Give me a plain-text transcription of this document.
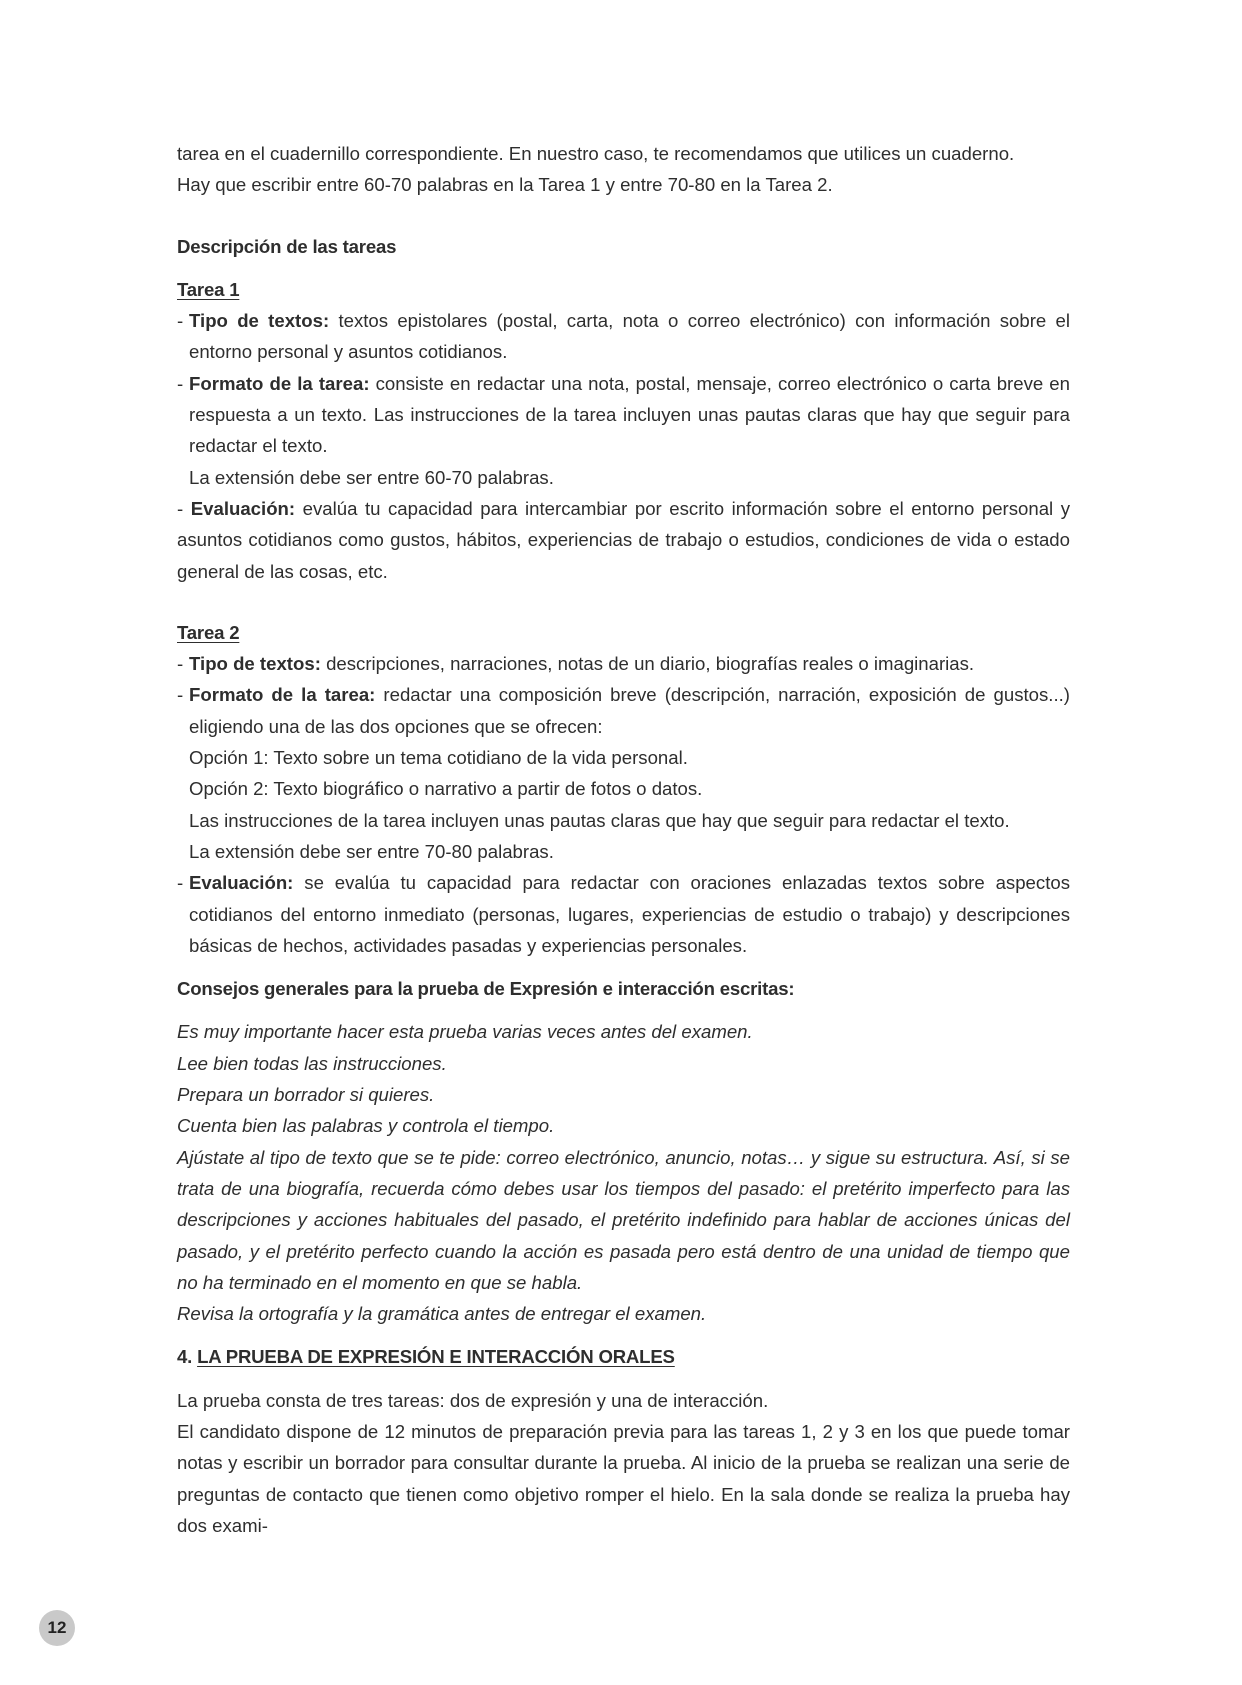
tarea en el cuadernillo correspondiente. En nuestro caso, te recomendamos que utilices un cuaderno.

Hay que escribir entre 60-70 palabras en la Tarea 1 y entre 70-80 en la Tarea 2.

Descripción de las tareas

Tarea 1

- Tipo de textos: textos epistolares (postal, carta, nota o correo electrónico) con información sobre el entorno personal y asuntos cotidianos.
- Formato de la tarea: consiste en redactar una nota, postal, mensaje, correo electrónico o carta breve en respuesta a un texto. Las instrucciones de la tarea incluyen unas pautas claras que hay que seguir para redactar el texto.
La extensión debe ser entre 60-70 palabras.
- Evaluación: evalúa tu capacidad para intercambiar por escrito información sobre el entorno personal y asuntos cotidianos como gustos, hábitos, experiencias de trabajo o estudios, condiciones de vida o estado general de las cosas, etc.

Tarea 2

- Tipo de textos: descripciones, narraciones, notas de un diario, biografías reales o imaginarias.
- Formato de la tarea: redactar una composición breve (descripción, narración, exposición de gustos...) eligiendo una de las dos opciones que se ofrecen:
Opción 1: Texto sobre un tema cotidiano de la vida personal.
Opción 2: Texto biográfico o narrativo a partir de fotos o datos.
Las instrucciones de la tarea incluyen unas pautas claras que hay que seguir para redactar el texto.
La extensión debe ser entre 70-80 palabras.
- Evaluación: se evalúa tu capacidad para redactar con oraciones enlazadas textos sobre aspectos cotidianos del entorno inmediato (personas, lugares, experiencias de estudio o trabajo) y descripciones básicas de hechos, actividades pasadas y experiencias personales.

Consejos generales para la prueba de Expresión e interacción escritas:

Es muy importante hacer esta prueba varias veces antes del examen.

Lee bien todas las instrucciones.

Prepara un borrador si quieres.

Cuenta bien las palabras y controla el tiempo.

Ajústate al tipo de texto que se te pide: correo electrónico, anuncio, notas… y sigue su estructura. Así, si se trata de una biografía, recuerda cómo debes usar los tiempos del pasado: el pretérito imperfecto para las descripciones y acciones habituales del pasado, el pretérito indefinido para hablar de acciones únicas del pasado, y el pretérito perfecto cuando la acción es pasada pero está dentro de una unidad de tiempo que no ha terminado en el momento en que se habla.

Revisa la ortografía y la gramática antes de entregar el examen.

4. LA PRUEBA DE EXPRESIÓN E INTERACCIÓN ORALES

La prueba consta de tres tareas: dos de expresión y una de interacción.

El candidato dispone de 12 minutos de preparación previa para las tareas 1, 2 y 3 en los que puede tomar notas y escribir un borrador para consultar durante la prueba. Al inicio de la prueba se realizan una serie de preguntas de contacto que tienen como objetivo romper el hielo. En la sala donde se realiza la prueba hay dos exami-

12
